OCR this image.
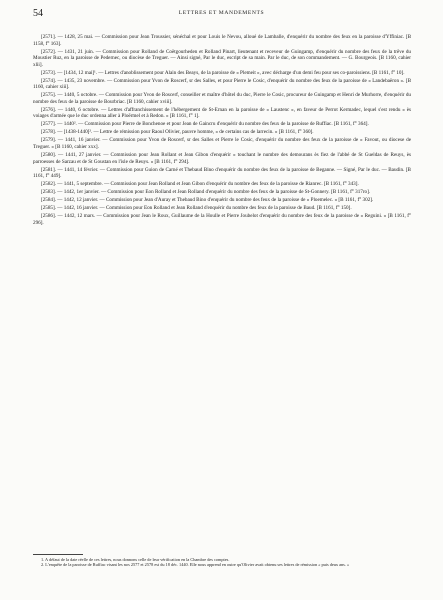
54	LETTRES ET MANDEMENTS

[2571]. — 1428, 25 mai. — Commission pour Jean Troussier, sénéchal et pour Louis le Nevou, alloué de Lamballe, d'enquérir du nombre des feux en la paroisse d'Yffiniac. [B 1158, f° 163].

[2572]. — 1431, 21 juin. — Commission pour Rolland de Coëtgourheden et Rolland Pinart, lieutenant et receveur de Guingamp, d'enquérir du nombre des feux de la trêve du Moustier Ruz, en la paroisse de Pedernec, ou diocèse de Treguer. — Ainsi signé, Par le duc, escript de sa main. Par le duc, de son commandement. — G. Bourgeois. [B 1160, cahier xlii].

[2573]. — [1434, 12 mai]¹. — Lettres d'anoblissement pour Alain des Beays, de la paroisse de « Plemeit », avec décharge d'un demi feu pour ses co-paroissiens. [B 1161, f° 10].

[2574]. — 1435, 23 novembre. — Commission pour Yvon de Roscerf, sr des Salles, et pour Pierre le Cosic, d'enquérir du nombre des feux de la paroisse de « Landebaëron ». [B 1160, cahier xiii].

[2575]. — 1440, 5 octobre. — Commission pour Yvon de Roscerf, conseiller et maître d'hôtel du duc, Pierre le Cosic, procureur de Guingamp et Henri de Murhorre, d'enquérir du nombre des feux de la paroisse de Bourbriac. [B 1160, cahier xviii].

[2576]. — 1440, 6 octobre. — Lettres d'affranchissement de l'hébergement de St-Ernan en la paroisse de « Laustenc », en faveur de Perrot Kermadec, lequel s'est rendu « ès voiages d'armée que le duc ordenna aller à Ploërmel et à Redon. » [B 1161, f° 1].

[2577]. — 1440². — Commission pour Pierre de Bonchenoe et pour Jean de Gaincru d'enquérir du nombre des feux de la paroisse de Ruffiac. [B 1161, f° 364].

[2578]. — [1438-1440]². — Lettre de rémission pour Raoul Olivier, pauvre homme, « de certains cas de larrecin. » [B 1161, f° 360].

[2579]. — 1441, 16 janvier. — Commission pour Yvon de Roscerf, sr des Salles et Pierre le Cosic, d'enquérir du nombre des feux de la paroisse de « Favout, ou diocese de Treguer. » [B 1160, cahier xxx].

[2580]. — 1441, 27 janvier. — Commission pour Jean Rollant et Jean Gibon d'enquérir « touchant le numbre des demourans ès fiez de l'abbé de St Gueldas de Reuys, ès parroesses de Sarzau et de St Goustan en l'isle de Reuys. » [B 1161, f° 294].

[2581]. — 1441, 14 février. — Commission pour Guion de Carné et Thebaud Bino d'enquérir du nombre des feux de la paroisse de Beganne. — Signé, Par le duc. — Baudin. [B 1161, f° 449].

[2582]. — 1441, 5 septembre. — Commission pour Jean Rolland et Jean Gibon d'enquérir du nombre des feux de la paroisse de Rianrec. [B 1161, f° 343].

[2583]. — 1442, 1er janvier. — Commission pour Eon Rolland et Jean Rolland d'enquérir du nombre des feux de la paroisse de St-Gonnery. [B 1161, f° 317ro].

[2584]. — 1442, 12 janvier. — Commission pour Jean d'Auray et Thebaud Bino d'enquérir du nombre des feux de la paroisse de « Ploemelec. » [B 1161, f° 302].

[2585]. — 1442, 16 janvier. — Commission pour Eon Rolland et Jean Rolland d'enquérir du nombre des feux de la paroisse de Baud. [B 1161, f° 150].

[2586]. — 1442, 12 mars. — Commission pour Jean le Roux, Guillaume de la Houlle et Pierre Joubelot d'enquérir du nombre des feux de la paroisse de « Reguini. » [B 1161, f° 296].

1. A défaut de la date réelle de ces lettres, nous donnons celle de leur vérification en la Chambre des comptes.

2. L'enquête de la paroisse de Ruffiac visant les nos 2577 et 2578 est du 18 déc. 1440. Elle nous apprend en outre qu'Olivier avait obtenu ses lettres de rémission « puis deux ans. »
